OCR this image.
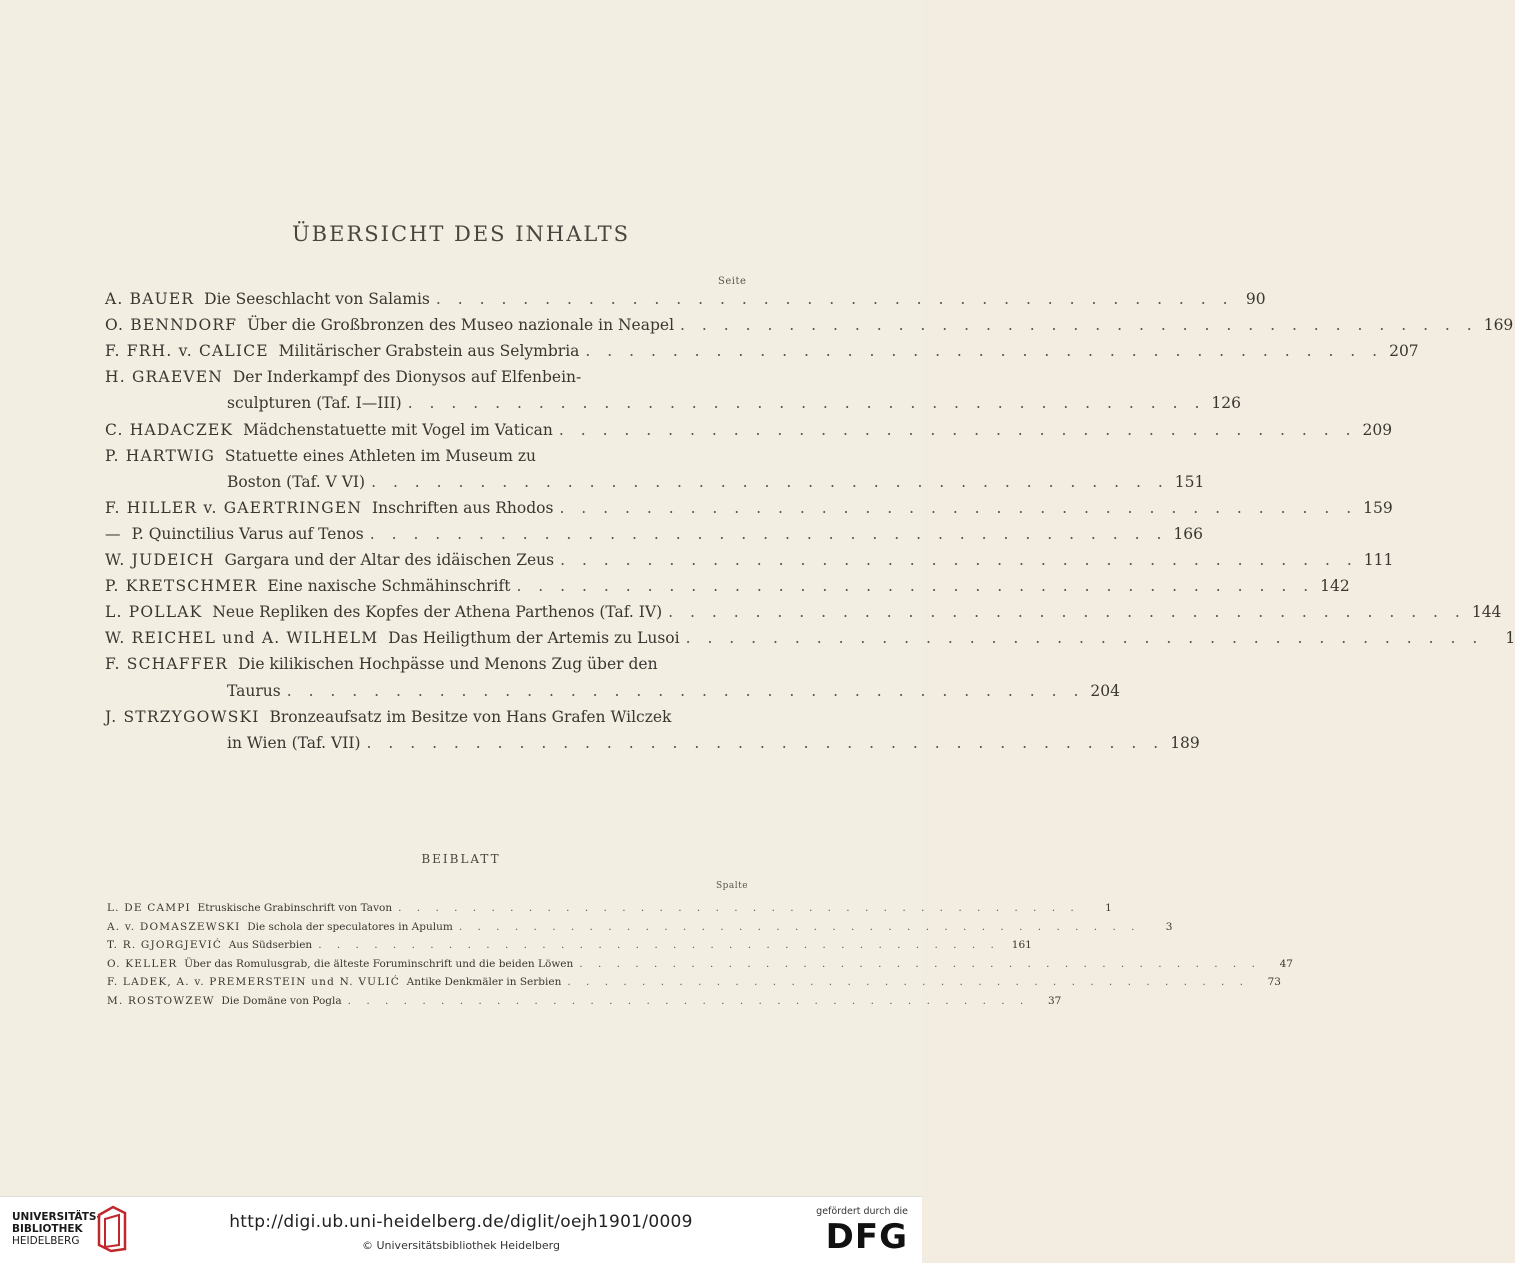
ÜBERSICHT DES INHALTS
Seite
A. BAUER Die Seeschlacht von Salamis . . . . . . . . . . . . . . . . . . . . . . . . . . . . . . . . . . . . . 90
O. BENNDORF Über die Großbronzen des Museo nazionale in Neapel . . . . . . . . . . . . . . . . . . . . . . . . . . . . . . . . . . . . . 169
F. FRH. v. CALICE Militärischer Grabstein aus Selymbria . . . . . . . . . . . . . . . . . . . . . . . . . . . . . . . . . . . . . 207
H. GRAEVEN Der Inderkampf des Dionysos auf Elfenbein-
sculpturen (Taf. I—III) . . . . . . . . . . . . . . . . . . . . . . . . . . . . . . . . . . . . . 126
C. HADACZEK Mädchenstatuette mit Vogel im Vatican . . . . . . . . . . . . . . . . . . . . . . . . . . . . . . . . . . . . . 209
P. HARTWIG Statuette eines Athleten im Museum zu
Boston (Taf. V VI) . . . . . . . . . . . . . . . . . . . . . . . . . . . . . . . . . . . . . 151
F. HILLER v. GAERTRINGEN Inschriften aus Rhodos . . . . . . . . . . . . . . . . . . . . . . . . . . . . . . . . . . . . . 159
— P. Quinctilius Varus auf Tenos . . . . . . . . . . . . . . . . . . . . . . . . . . . . . . . . . . . . . 166
W. JUDEICH Gargara und der Altar des idäischen Zeus . . . . . . . . . . . . . . . . . . . . . . . . . . . . . . . . . . . . . 111
P. KRETSCHMER Eine naxische Schmähinschrift . . . . . . . . . . . . . . . . . . . . . . . . . . . . . . . . . . . . . 142
L. POLLAK Neue Repliken des Kopfes der Athena Parthenos (Taf. IV) . . . . . . . . . . . . . . . . . . . . . . . . . . . . . . . . . . . . . 144
W. REICHEL und A. WILHELM Das Heiligthum der Artemis zu Lusoi . . . . . . . . . . . . . . . . . . . . . . . . . . . . . . . . . . . . .	1
F. SCHAFFER Die kilikischen Hochpässe und Menons Zug über den
Taurus . . . . . . . . . . . . . . . . . . . . . . . . . . . . . . . . . . . . . 204
J. STRZYGOWSKI Bronzeaufsatz im Besitze von Hans Grafen Wilczek
in Wien (Taf. VII) . . . . . . . . . . . . . . . . . . . . . . . . . . . . . . . . . . . . . 189
BEIBLATT
Spalte
L. DE CAMPI Etruskische Grabinschrift von Tavon . . . . . . . . . . . . . . . . . . . . . . . . . . . . . . . . . . . . .	1
A. v. DOMASZEWSKI Die schola der speculatores in Apulum . . . . . . . . . . . . . . . . . . . . . . . . . . . . . . . . . . . . .	3
T. R. GJORGJEVIĆ Aus Südserbien . . . . . . . . . . . . . . . . . . . . . . . . . . . . . . . . . . . . .	161
O. KELLER Über das Romulusgrab, die älteste Foruminschrift und die beiden Löwen . . . . . . . . . . . . . . . . . . . . . . . . . . . . . . . . . . . . .	47
F. LADEK, A. v. PREMERSTEIN und N. VULIĆ Antike Denkmäler in Serbien . . . . . . . . . . . . . . . . . . . . . . . . . . . . . . . . . . . . .	73
M. ROSTOWZEW Die Domäne von Pogla . . . . . . . . . . . . . . . . . . . . . . . . . . . . . . . . . . . . .	37
UNIVERSITÄTS-
BIBLIOTHEK
HEIDELBERG
http://digi.ub.uni-heidelberg.de/diglit/oejh1901/0009
© Universitätsbibliothek Heidelberg
gefördert durch die
DFG
